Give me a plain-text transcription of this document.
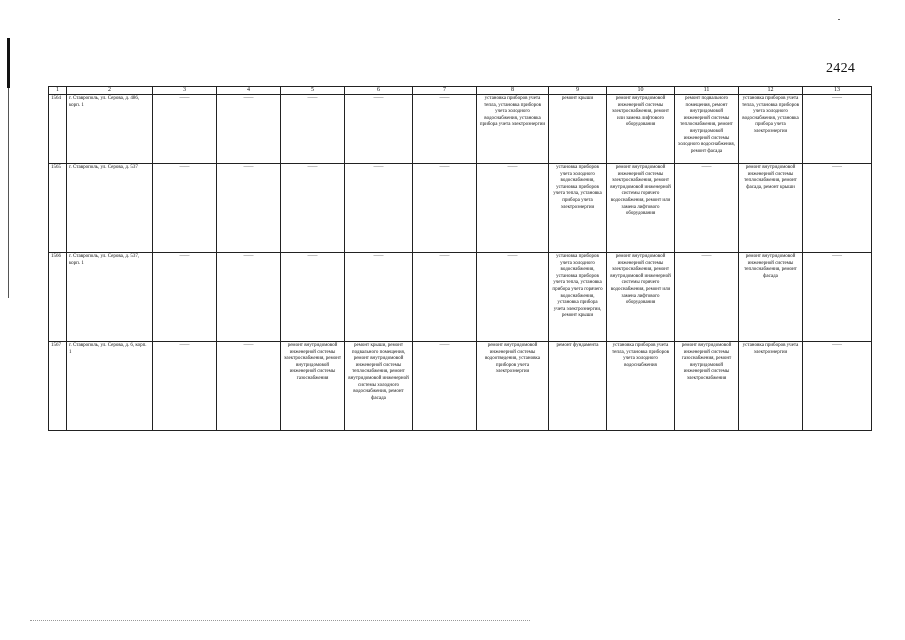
2424
1	2	3	4	5	6	7	8	9	10	11	12	13
1564	г. Ставрополь, ул. Серова, д. 486, корп. 1	——	——	——	——	——	установка приборов учета тепла, установка приборов учета холодного водоснабжения, установка прибора учета электроэнергии	ремонт крыши	ремонт внутридомовой инженерной системы электроснабжения, ремонт или замена лифтового оборудования	ремонт подвального помещения, ремонт внутридомовой инженерной системы теплоснабжения, ремонт внутридомовой инженерной системы холодного водоснабжения, ремонт фасада	установка приборов учета тепла, установка приборов учета холодного водоснабжения, установка прибора учета электроэнергии	——
1565	г. Ставрополь, ул. Серова, д. 537	——	——	——	——	——	——	установка приборов учета холодного водоснабжения, установка приборов учета тепла, установка прибора учета электроэнергии	ремонт внутридомовой инженерной системы электроснабжения, ремонт внутридомовой инженерной системы горячего водоснабжения, ремонт или замена лифтового оборудования	——	ремонт внутридомовой инженерной системы теплоснабжения, ремонт фасада, ремонт крыши	——
1566	г. Ставрополь, ул. Серова, д. 537, корп. 1	——	——	——	——	——	——	установка приборов учета холодного водоснабжения, установка приборов учета тепла, установка прибора учета горячего водоснабжения, установка прибора учета электроэнергии, ремонт крыши	ремонт внутридомовой инженерной системы электроснабжения, ремонт внутридомовой инженерной системы горячего водоснабжения, ремонт или замена лифтового оборудования	——	ремонт внутридомовой инженерной системы теплоснабжения, ремонт фасада	——
1567	г. Ставрополь, ул. Серова, д. 6, корп. 1	——	——	ремонт внутридомовой инженерной системы электроснабжения, ремонт внутридомовой инженерной системы газоснабжения	ремонт крыши, ремонт подвального помещения, ремонт внутридомовой инженерной системы теплоснабжения, ремонт внутридомовой инженерной системы холодного водоснабжения, ремонт фасада	——	ремонт внутридомовой инженерной системы водоотведения, установка приборов учета электроэнергии	ремонт фундамента	установка приборов учета тепла, установка приборов учета холодного водоснабжения	ремонт внутридомовой инженерной системы газоснабжения, ремонт внутридомовой инженерной системы электроснабжения	установка приборов учета электроэнергии	——
